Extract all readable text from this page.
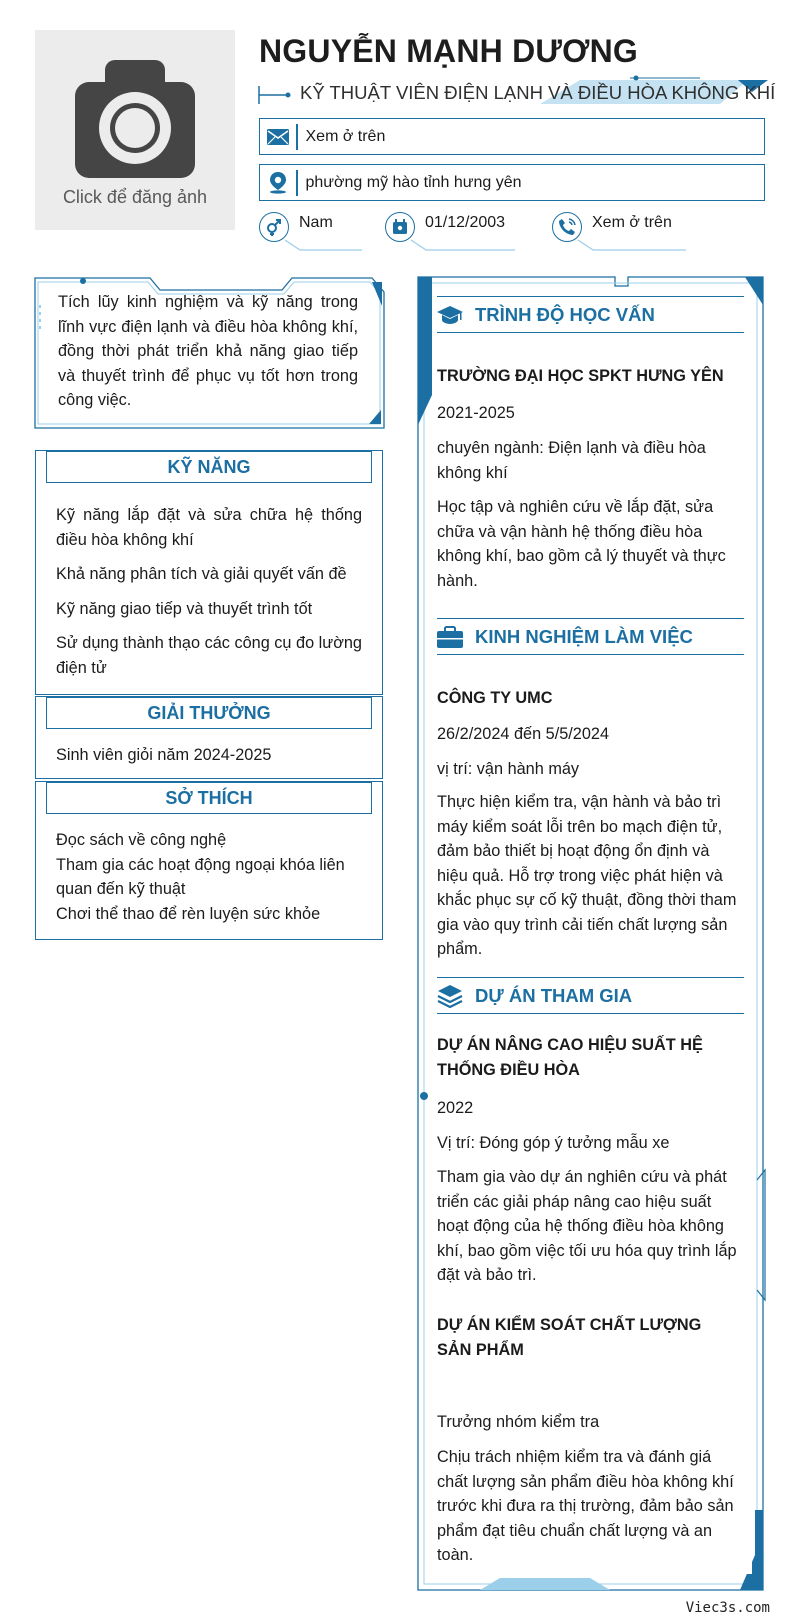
Click để đăng ảnh
NGUYỄN MẠNH DƯƠNG
KỸ THUẬT VIÊN ĐIỆN LẠNH VÀ ĐIỀU HÒA KHÔNG KHÍ
Xem ở trên
phường mỹ hào tỉnh hưng yên
Nam	01/12/2003	Xem ở trên
Tích lũy kinh nghiệm và kỹ năng trong lĩnh vực điện lạnh và điều hòa không khí, đồng thời phát triển khả năng giao tiếp và thuyết trình để phục vụ tốt hơn trong công việc.
KỸ NĂNG

Kỹ năng lắp đặt và sửa chữa hệ thống điều hòa không khí

Khả năng phân tích và giải quyết vấn đề

Kỹ năng giao tiếp và thuyết trình tốt

Sử dụng thành thạo các công cụ đo lường điện tử

GIẢI THƯỞNG

Sinh viên giỏi năm 2024-2025

SỞ THÍCH

Đọc sách về công nghệ

Tham gia các hoạt động ngoại khóa liên quan đến kỹ thuật

Chơi thể thao để rèn luyện sức khỏe

TRÌNH ĐỘ HỌC VẤN
TRƯỜNG ĐẠI HỌC SPKT HƯNG YÊN
2021-2025
chuyên ngành: Điện lạnh và điều hòa không khí
Học tập và nghiên cứu về lắp đặt, sửa chữa và vận hành hệ thống điều hòa không khí, bao gồm cả lý thuyết và thực hành.
KINH NGHIỆM LÀM VIỆC
CÔNG TY UMC
26/2/2024 đến 5/5/2024
vị trí: vận hành máy
Thực hiện kiểm tra, vận hành và bảo trì máy kiểm soát lỗi trên bo mạch điện tử, đảm bảo thiết bị hoạt động ổn định và hiệu quả. Hỗ trợ trong việc phát hiện và khắc phục sự cố kỹ thuật, đồng thời tham gia vào quy trình cải tiến chất lượng sản phẩm.
DỰ ÁN THAM GIA
DỰ ÁN NÂNG CAO HIỆU SUẤT HỆ THỐNG ĐIỀU HÒA
2022
Vị trí: Đóng góp ý tưởng mẫu xe
Tham gia vào dự án nghiên cứu và phát triển các giải pháp nâng cao hiệu suất hoạt động của hệ thống điều hòa không khí, bao gồm việc tối ưu hóa quy trình lắp đặt và bảo trì.
DỰ ÁN KIỂM SOÁT CHẤT LƯỢNG SẢN PHẨM
Trưởng nhóm kiểm tra
Chịu trách nhiệm kiểm tra và đánh giá chất lượng sản phẩm điều hòa không khí trước khi đưa ra thị trường, đảm bảo sản phẩm đạt tiêu chuẩn chất lượng và an toàn.
Viec3s.com
